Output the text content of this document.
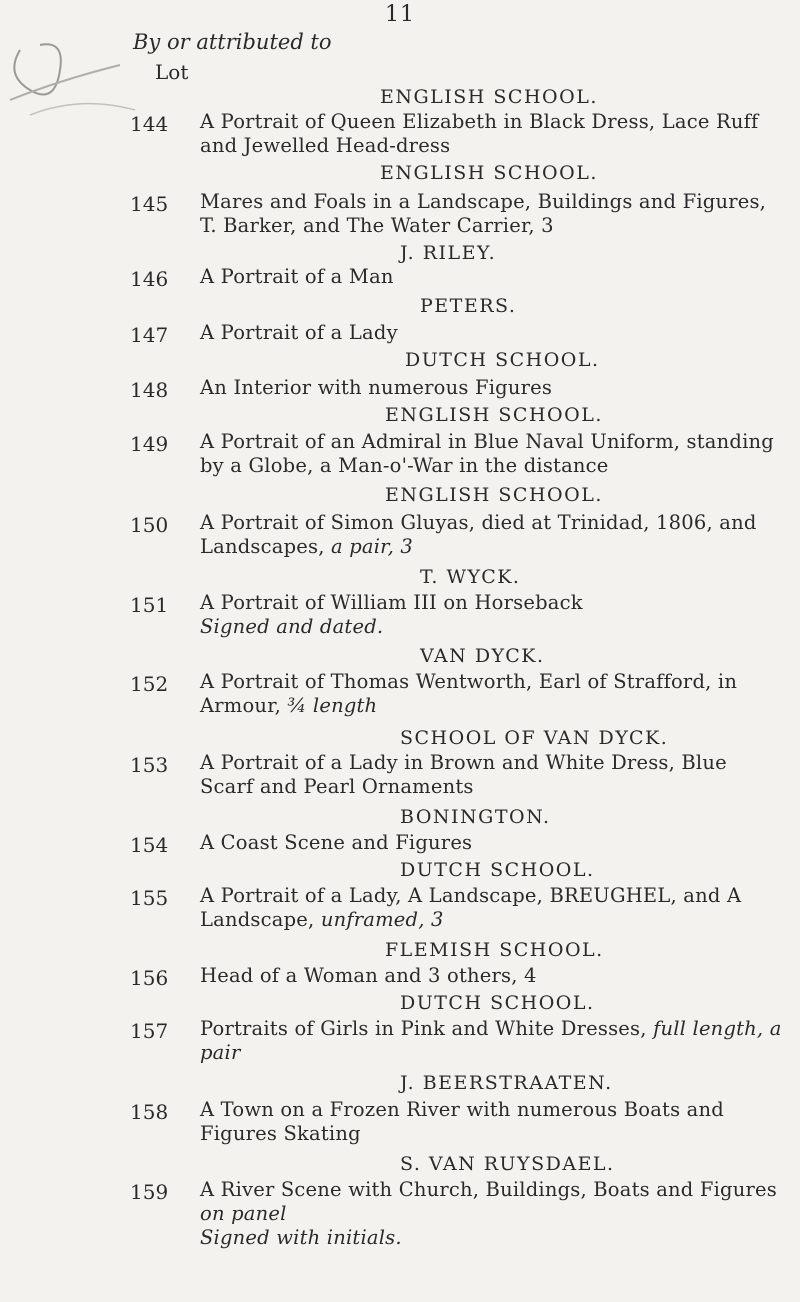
11
By or attributed to
Lot
ENGLISH SCHOOL.
144	A Portrait of Queen Elizabeth in Black Dress, Lace Ruff and Jewelled Head-dress
ENGLISH SCHOOL.
145	Mares and Foals in a Landscape, Buildings and Figures, T. Barker, and The Water Carrier, 3
J. RILEY.
146	A Portrait of a Man
PETERS.
147	A Portrait of a Lady
DUTCH SCHOOL.
148	An Interior with numerous Figures
ENGLISH SCHOOL.
149	A Portrait of an Admiral in Blue Naval Uniform, standing by a Globe, a Man-o'-War in the distance
ENGLISH SCHOOL.
150	A Portrait of Simon Gluyas, died at Trinidad, 1806, and Landscapes, a pair, 3
T. WYCK.
151	A Portrait of William III on Horseback
Signed and dated.
VAN DYCK.
152	A Portrait of Thomas Wentworth, Earl of Strafford, in Armour, ¾ length
SCHOOL OF VAN DYCK.
153	A Portrait of a Lady in Brown and White Dress, Blue Scarf and Pearl Ornaments
BONINGTON.
154	A Coast Scene and Figures
DUTCH SCHOOL.
155	A Portrait of a Lady, A Landscape, BREUGHEL, and A Landscape, unframed, 3
FLEMISH SCHOOL.
156	Head of a Woman and 3 others, 4
DUTCH SCHOOL.
157	Portraits of Girls in Pink and White Dresses, full length, a pair
J. BEERSTRAATEN.
158	A Town on a Frozen River with numerous Boats and Figures Skating
S. VAN RUYSDAEL.
159	A River Scene with Church, Buildings, Boats and Figures
on panel
Signed with initials.
